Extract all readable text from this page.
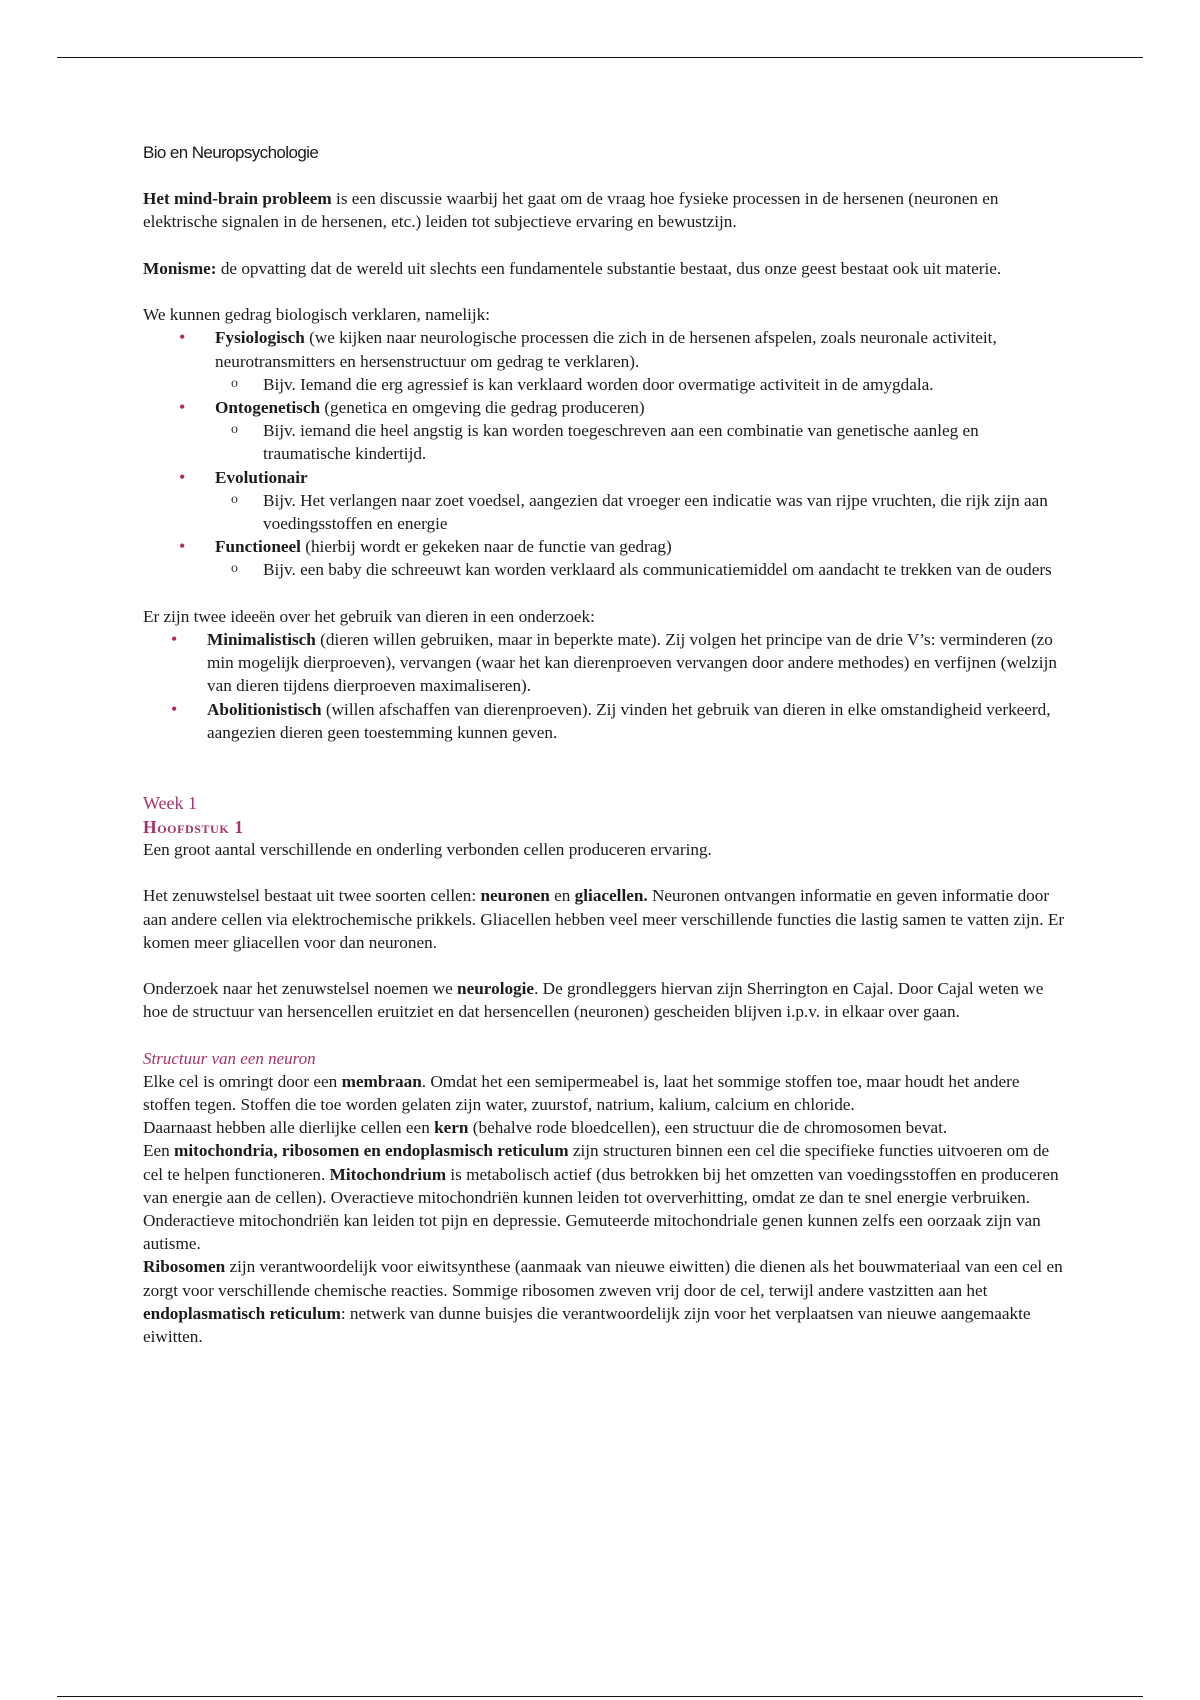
Bio en Neuropsychologie

Het mind-brain probleem is een discussie waarbij het gaat om de vraag hoe fysieke processen in de hersenen (neuronen en elektrische signalen in de hersenen, etc.) leiden tot subjectieve ervaring en bewustzijn.

Monisme: de opvatting dat de wereld uit slechts een fundamentele substantie bestaat, dus onze geest bestaat ook uit materie.

We kunnen gedrag biologisch verklaren, namelijk:

• Fysiologisch (we kijken naar neurologische processen die zich in de hersenen afspelen, zoals neuronale activiteit, neurotransmitters en hersenstructuur om gedrag te verklaren).
o Bijv. Iemand die erg agressief is kan verklaard worden door overmatige activiteit in de amygdala.
• Ontogenetisch (genetica en omgeving die gedrag produceren)
o Bijv. iemand die heel angstig is kan worden toegeschreven aan een combinatie van genetische aanleg en traumatische kindertijd.
• Evolutionair
o Bijv. Het verlangen naar zoet voedsel, aangezien dat vroeger een indicatie was van rijpe vruchten, die rijk zijn aan voedingsstoffen en energie
• Functioneel (hierbij wordt er gekeken naar de functie van gedrag)
o Bijv. een baby die schreeuwt kan worden verklaard als communicatiemiddel om aandacht te trekken van de ouders

Er zijn twee ideeën over het gebruik van dieren in een onderzoek:

• Minimalistisch (dieren willen gebruiken, maar in beperkte mate). Zij volgen het principe van de drie V’s: verminderen (zo min mogelijk dierproeven), vervangen (waar het kan dierenproeven vervangen door andere methodes) en verfijnen (welzijn van dieren tijdens dierproeven maximaliseren).
• Abolitionistisch (willen afschaffen van dierenproeven). Zij vinden het gebruik van dieren in elke omstandigheid verkeerd, aangezien dieren geen toestemming kunnen geven.
Week 1
Hoofdstuk 1

Een groot aantal verschillende en onderling verbonden cellen produceren ervaring.

Het zenuwstelsel bestaat uit twee soorten cellen: neuronen en gliacellen. Neuronen ontvangen informatie en geven informatie door aan andere cellen via elektrochemische prikkels. Gliacellen hebben veel meer verschillende functies die lastig samen te vatten zijn. Er komen meer gliacellen voor dan neuronen.

Onderzoek naar het zenuwstelsel noemen we neurologie. De grondleggers hiervan zijn Sherrington en Cajal. Door Cajal weten we hoe de structuur van hersencellen eruitziet en dat hersencellen (neuronen) gescheiden blijven i.p.v. in elkaar over gaan.

Structuur van een neuron

Elke cel is omringt door een membraan. Omdat het een semipermeabel is, laat het sommige stoffen toe, maar houdt het andere stoffen tegen. Stoffen die toe worden gelaten zijn water, zuurstof, natrium, kalium, calcium en chloride.

Daarnaast hebben alle dierlijke cellen een kern (behalve rode bloedcellen), een structuur die de chromosomen bevat.

Een mitochondria, ribosomen en endoplasmisch reticulum zijn structuren binnen een cel die specifieke functies uitvoeren om de cel te helpen functioneren. Mitochondrium is metabolisch actief (dus betrokken bij het omzetten van voedingsstoffen en produceren van energie aan de cellen). Overactieve mitochondriën kunnen leiden tot oververhitting, omdat ze dan te snel energie verbruiken. Onderactieve mitochondriën kan leiden tot pijn en depressie. Gemuteerde mitochondriale genen kunnen zelfs een oorzaak zijn van autisme.

Ribosomen zijn verantwoordelijk voor eiwitsynthese (aanmaak van nieuwe eiwitten) die dienen als het bouwmateriaal van een cel en zorgt voor verschillende chemische reacties. Sommige ribosomen zweven vrij door de cel, terwijl andere vastzitten aan het endoplasmatisch reticulum: netwerk van dunne buisjes die verantwoordelijk zijn voor het verplaatsen van nieuwe aangemaakte eiwitten.
